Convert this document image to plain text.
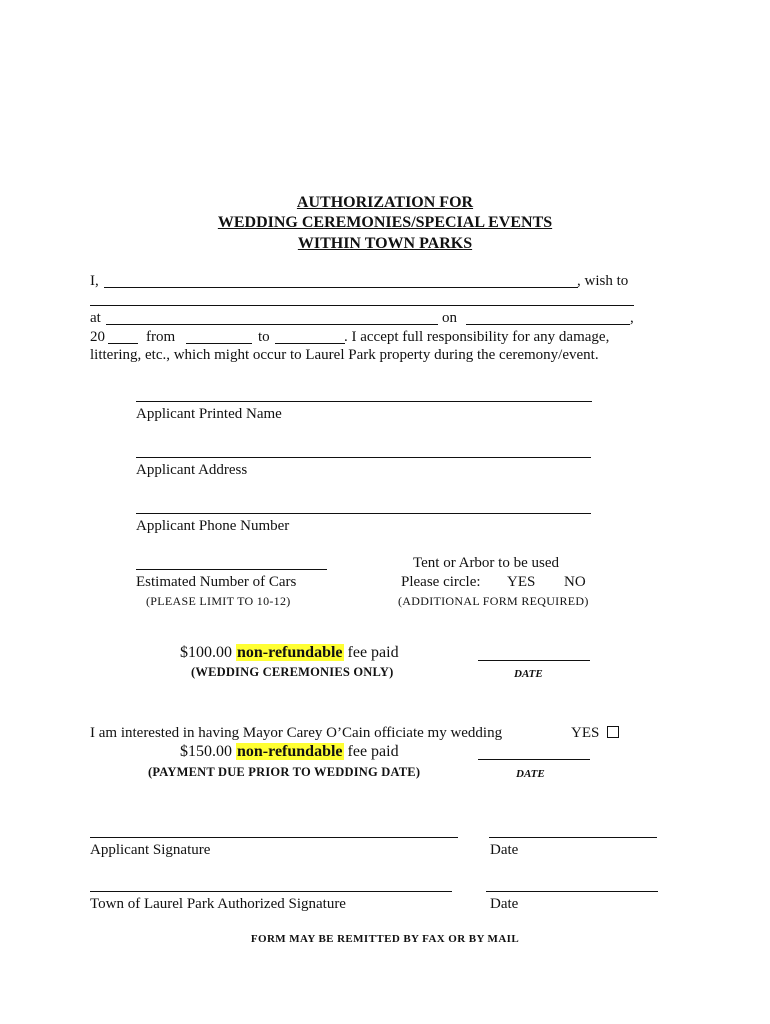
AUTHORIZATION FOR
WEDDING CEREMONIES/SPECIAL EVENTS
WITHIN TOWN PARKS
I,	, wish to
at	on	,
20	from	to	. I accept full responsibility for any damage,
littering, etc., which might occur to Laurel Park property during the ceremony/event.
Applicant Printed Name
Applicant Address
Applicant Phone Number
Estimated Number of Cars
(PLEASE LIMIT TO 10-12)
Tent or Arbor to be used
Please circle: YES NO
(ADDITIONAL FORM REQUIRED)
$100.00 non-refundable fee paid
(WEDDING CEREMONIES ONLY)	DATE
I am interested in having Mayor Carey O’Cain officiate my wedding	YES
$150.00 non-refundable fee paid
(PAYMENT DUE PRIOR TO WEDDING DATE)	DATE
Applicant Signature	Date
Town of Laurel Park Authorized Signature	Date
FORM MAY BE REMITTED BY FAX OR BY MAIL
